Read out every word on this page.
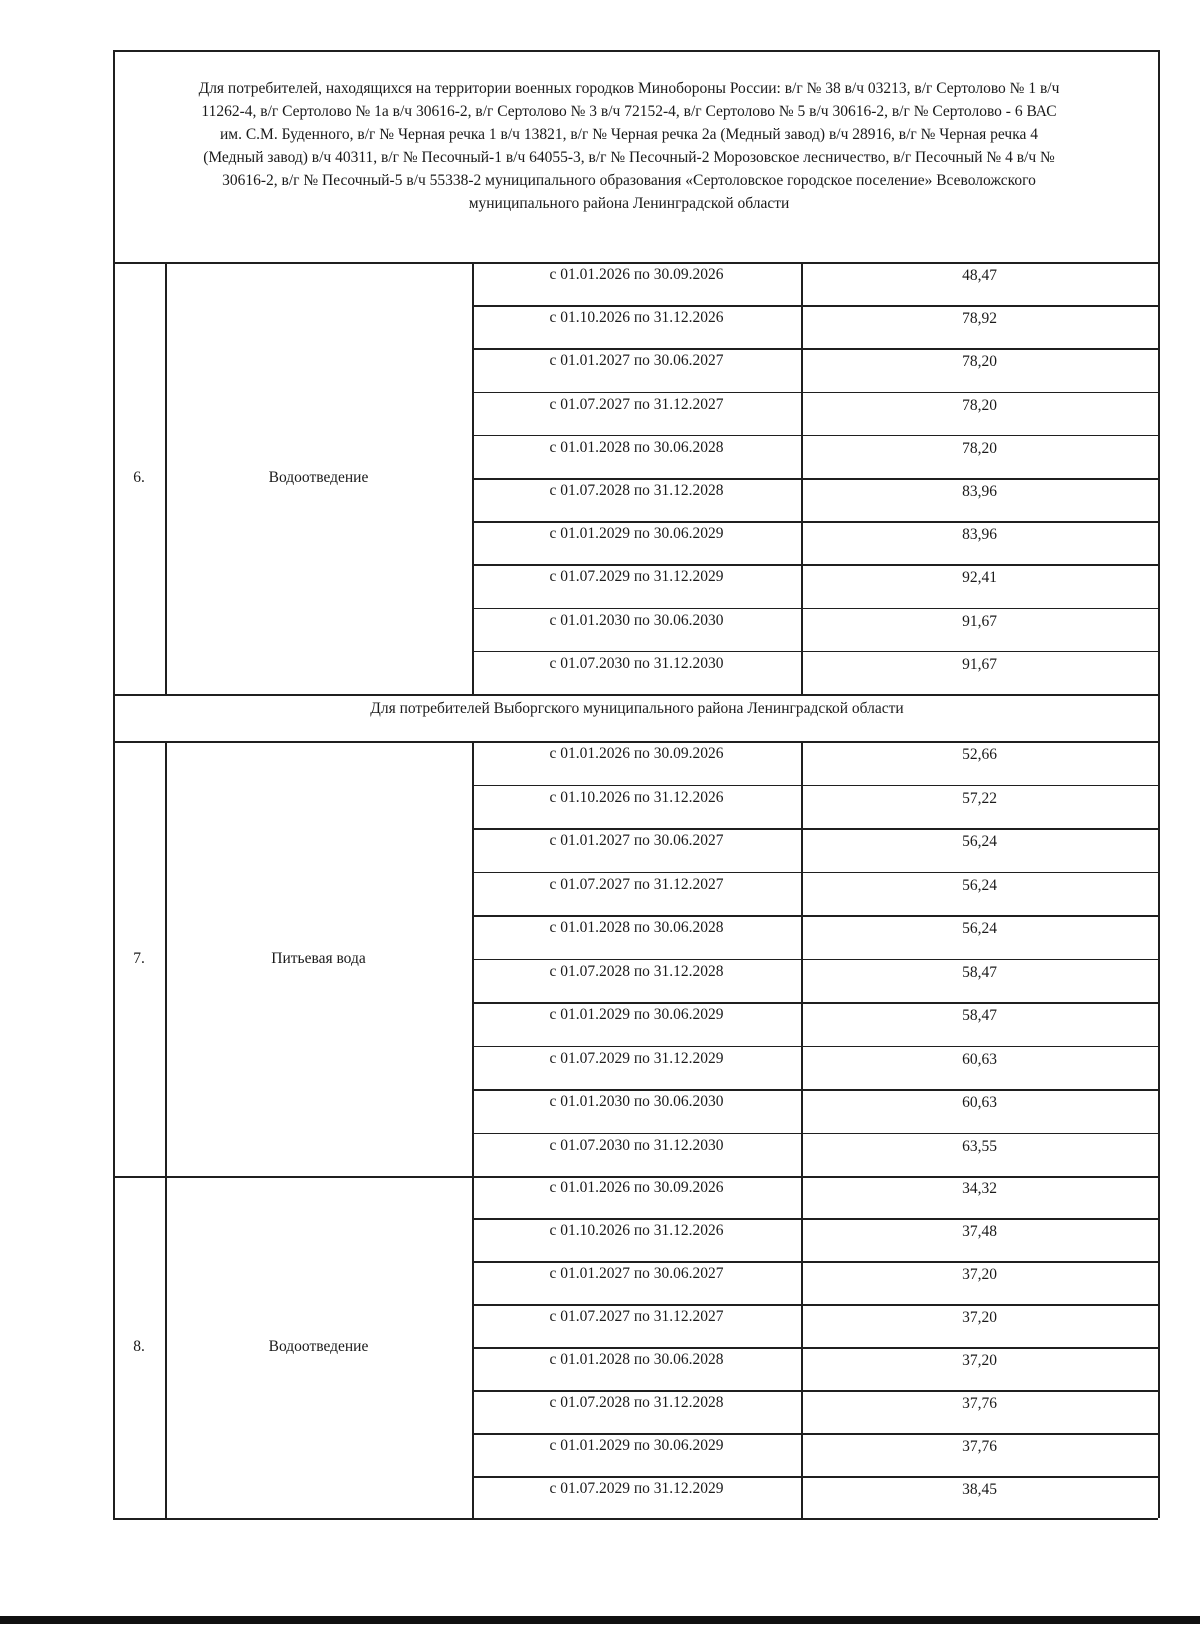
Для потребителей, находящихся на территории военных городков Минобороны России: в/г № 38 в/ч 03213, в/г Сертолово № 1 в/ч
11262-4, в/г Сертолово № 1а в/ч 30616-2, в/г Сертолово № 3 в/ч 72152-4, в/г Сертолово № 5 в/ч 30616-2, в/г № Сертолово - 6 ВАС
им. С.М. Буденного, в/г № Черная речка 1 в/ч 13821, в/г № Черная речка 2а (Медный завод) в/ч 28916, в/г № Черная речка 4
(Медный завод) в/ч 40311, в/г № Песочный-1 в/ч 64055-3, в/г № Песочный-2 Морозовское лесничество, в/г Песочный № 4 в/ч №
30616-2, в/г № Песочный-5 в/ч 55338-2 муниципального образования «Сертоловское городское поселение» Всеволожского
муниципального района Ленинградской области
Для потребителей Выборгского муниципального района Ленинградской области
6.	Водоотведение
с 01.01.2026 по 30.09.2026	48,47
с 01.10.2026 по 31.12.2026	78,92
с 01.01.2027 по 30.06.2027	78,20
с 01.07.2027 по 31.12.2027	78,20
с 01.01.2028 по 30.06.2028	78,20
с 01.07.2028 по 31.12.2028	83,96
с 01.01.2029 по 30.06.2029	83,96
с 01.07.2029 по 31.12.2029	92,41
с 01.01.2030 по 30.06.2030	91,67
с 01.07.2030 по 31.12.2030	91,67
7.	Питьевая вода
с 01.01.2026 по 30.09.2026	52,66
с 01.10.2026 по 31.12.2026	57,22
с 01.01.2027 по 30.06.2027	56,24
с 01.07.2027 по 31.12.2027	56,24
с 01.01.2028 по 30.06.2028	56,24
с 01.07.2028 по 31.12.2028	58,47
с 01.01.2029 по 30.06.2029	58,47
с 01.07.2029 по 31.12.2029	60,63
с 01.01.2030 по 30.06.2030	60,63
с 01.07.2030 по 31.12.2030	63,55
8.	Водоотведение
с 01.01.2026 по 30.09.2026	34,32
с 01.10.2026 по 31.12.2026	37,48
с 01.01.2027 по 30.06.2027	37,20
с 01.07.2027 по 31.12.2027	37,20
с 01.01.2028 по 30.06.2028	37,20
с 01.07.2028 по 31.12.2028	37,76
с 01.01.2029 по 30.06.2029	37,76
с 01.07.2029 по 31.12.2029	38,45
